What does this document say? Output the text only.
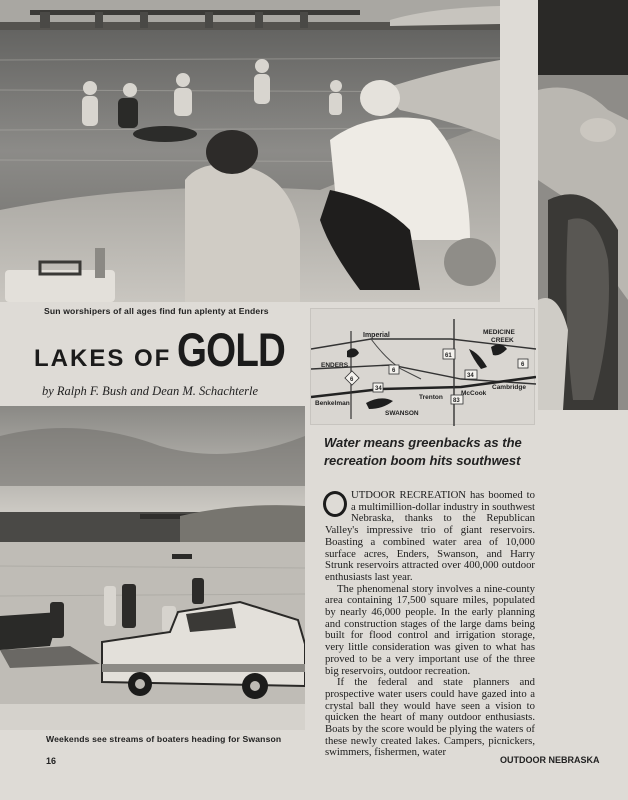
Sun worshipers of all ages find fun aplenty at Enders
LAKES OF GOLD
by Ralph F. Bush and Dean M. Schachterle
61
6
6
34
34
6
83
Imperial	MEDICINE
CREEK
ENDERS
Cambridge
Trenton
McCook
Benkelman
SWANSON
Water means greenbacks as the recreation boom hits southwest
Weekends see streams of boaters heading for Swanson

UTDOOR RECREATION has boomed to a multimillion-dollar industry in southwest Nebraska, thanks to the Republican Valley's impressive trio of giant reservoirs. Boasting a combined water area of 10,000 surface acres, Enders, Swanson, and Harry Strunk reservoirs attracted over 400,000 outdoor enthusiasts last year.

The phenomenal story involves a nine-county area containing 17,500 square miles, populated by nearly 46,000 people. In the early planning and construction stages of the large dams being built for flood control and irrigation storage, very little consideration was given to what has proved to be a very important use of the three big reservoirs, outdoor recreation.

If the federal and state planners and prospective water users could have gazed into a crystal ball they would have seen a vision to quicken the heart of many outdoor enthusiasts. Boats by the score would be plying the waters of these newly created lakes. Campers, picnickers, swimmers, fishermen, water

16	OUTDOOR NEBRASKA
